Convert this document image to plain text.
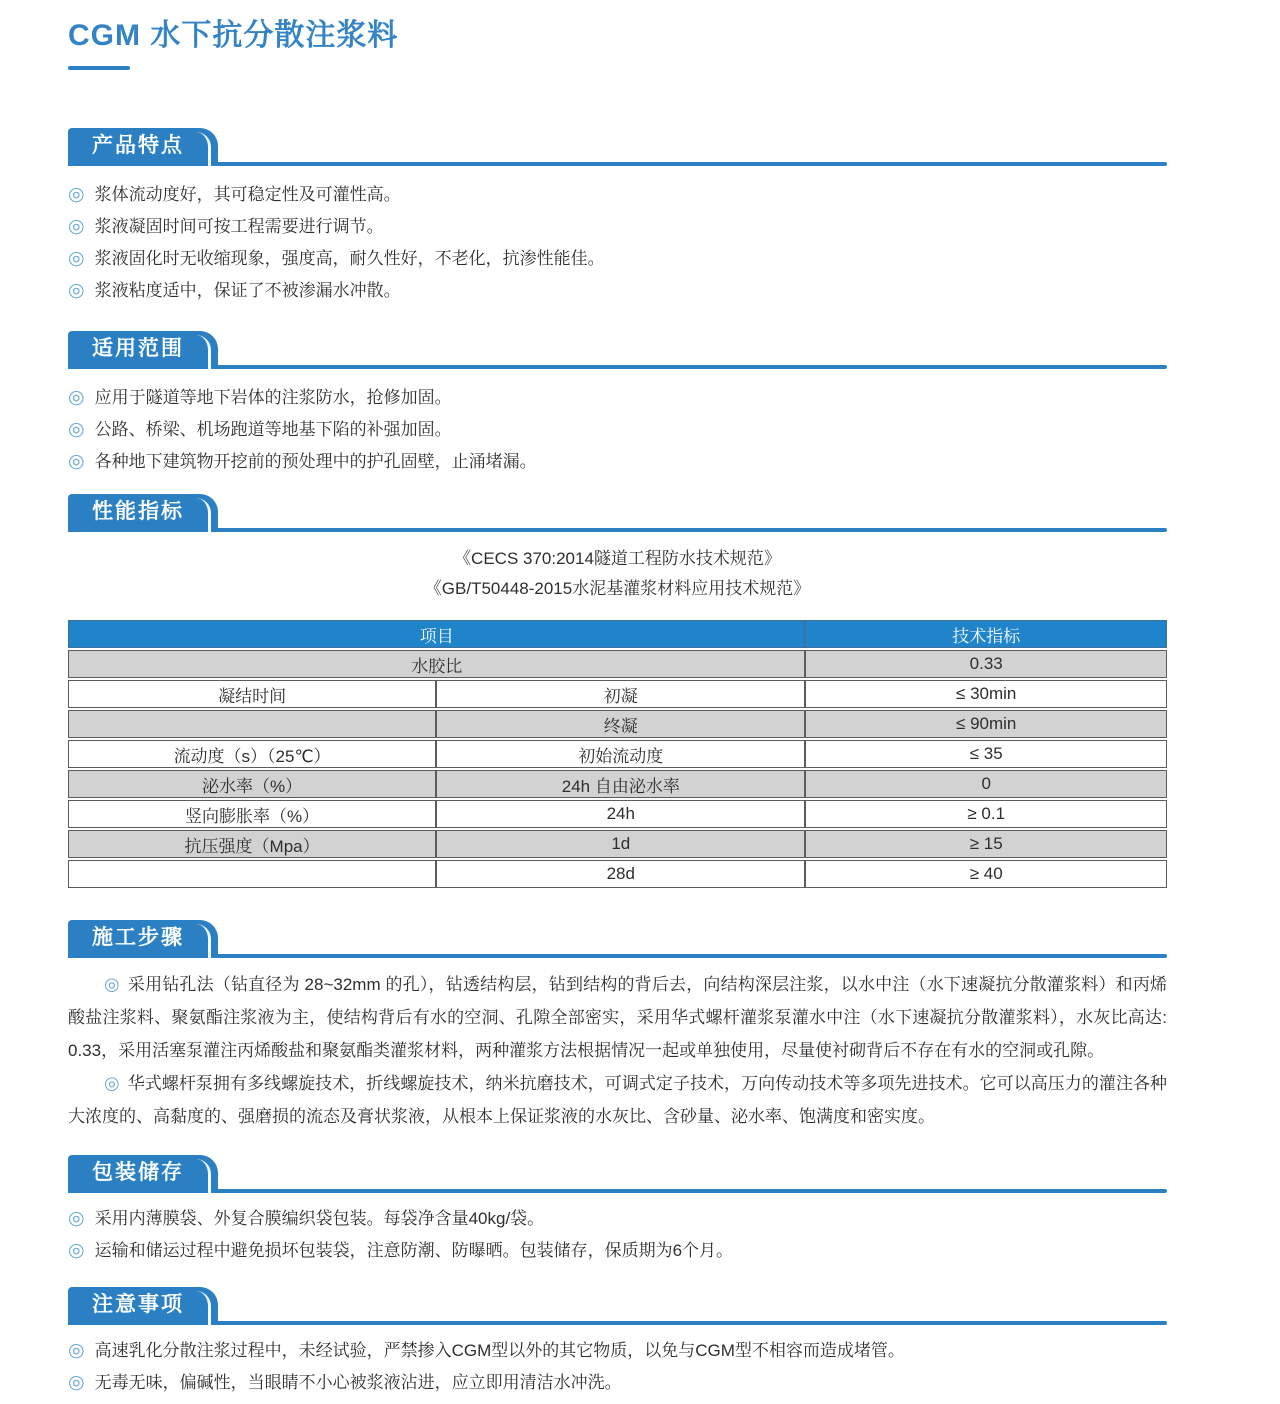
CGM 水下抗分散注浆料
产品特点
◎ 浆体流动度好，其可稳定性及可灌性高。
◎ 浆液凝固时间可按工程需要进行调节。
◎ 浆液固化时无收缩现象，强度高，耐久性好，不老化，抗渗性能佳。
◎ 浆液粘度适中，保证了不被渗漏水冲散。
适用范围
◎ 应用于隧道等地下岩体的注浆防水，抢修加固。
◎ 公路、桥梁、机场跑道等地基下陷的补强加固。
◎ 各种地下建筑物开挖前的预处理中的护孔固壁，止涌堵漏。
性能指标
《CECS 370:2014隧道工程防水技术规范》
《GB/T50448-2015水泥基灌浆材料应用技术规范》
项目		技术指标
水胶比		0.33
凝结时间	初凝	≤ 30min
	终凝	≤ 90min
流动度（s）（25℃）	初始流动度	≤ 35
泌水率（%）	24h 自由泌水率	0
竖向膨胀率（%）	24h	≥ 0.1
抗压强度（Mpa）	1d	≥ 15
	28d	≥ 40
施工步骤

◎ 采用钻孔法（钻直径为 28~32mm 的孔），钻透结构层，钻到结构的背后去，向结构深层注浆，以水中注（水下速凝抗分散灌浆料）和丙烯酸盐注浆料、聚氨酯注浆液为主，使结构背后有水的空洞、孔隙全部密实，采用华式螺杆灌浆泵灌水中注（水下速凝抗分散灌浆料），水灰比高达: 0.33，采用活塞泵灌注丙烯酸盐和聚氨酯类灌浆材料，两种灌浆方法根据情况一起或单独使用，尽量使衬砌背后不存在有水的空洞或孔隙。

◎ 华式螺杆泵拥有多线螺旋技术，折线螺旋技术，纳米抗磨技术，可调式定子技术，万向传动技术等多项先进技术。它可以高压力的灌注各种大浓度的、高黏度的、强磨损的流态及膏状浆液，从根本上保证浆液的水灰比、含砂量、泌水率、饱满度和密实度。

包装储存
◎ 采用内薄膜袋、外复合膜编织袋包装。每袋净含量40kg/袋。
◎ 运输和储运过程中避免损坏包装袋，注意防潮、防曝晒。包装储存，保质期为6个月。
注意事项
◎ 高速乳化分散注浆过程中，未经试验，严禁掺入CGM型以外的其它物质，以免与CGM型不相容而造成堵管。
◎ 无毒无味，偏碱性，当眼睛不小心被浆液沾进，应立即用清洁水冲洗。
